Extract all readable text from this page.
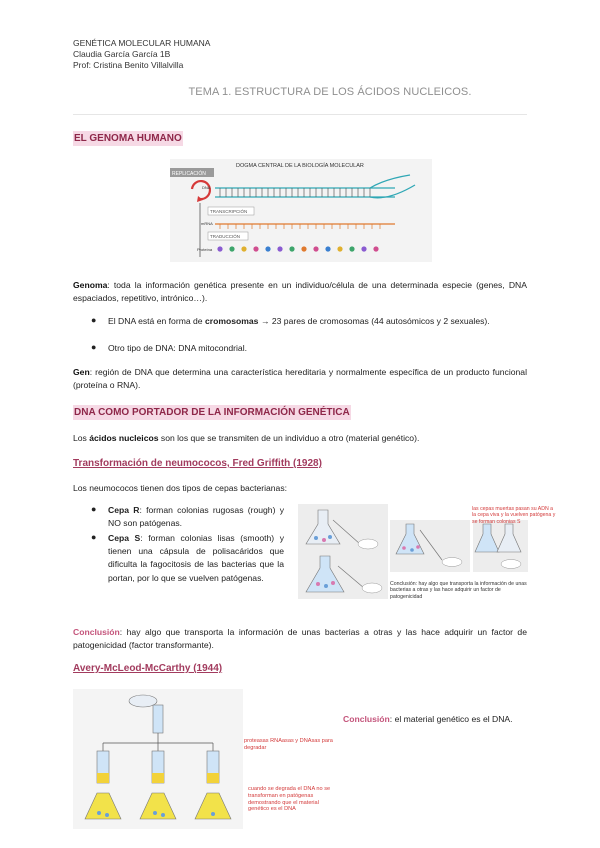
GENÉTICA MOLECULAR HUMANA
Claudia García García 1B
Prof: Cristina Benito Villalvilla
TEMA 1. ESTRUCTURA DE LOS ÁCIDOS NUCLEICOS.
EL GENOMA HUMANO
DOGMA CENTRAL DE LA BIOLOGÍA MOLECULAR
REPLICACIÓN
DNA
TRANSCRIPCIÓN
mRNA
TRADUCCIÓN
Proteína
Genoma: toda la información genética presente en un individuo/célula de una determinada especie (genes, DNA espaciados, repetitivo, intrónico…).
● El DNA está en forma de cromosomas → 23 pares de cromosomas (44 autosómicos y 2 sexuales).
● Otro tipo de DNA: DNA mitocondrial.
Gen: región de DNA que determina una característica hereditaria y normalmente específica de un producto funcional (proteína o RNA).
DNA COMO PORTADOR DE LA INFORMACIÓN GENÉTICA
Los ácidos nucleicos son los que se transmiten de un individuo a otro (material genético).
Transformación de neumococos, Fred Griffith (1928)
Los neumococos tienen dos tipos de cepas bacterianas:
● Cepa R: forman colonias rugosas (rough) y NO son patógenas.
● Cepa S: forman colonias lisas (smooth) y tienen una cápsula de polisacáridos que dificulta la fagocitosis de las bacterias que la portan, por lo que se vuelven patógenas.
las cepas muertas pasan su ADN a la cepa viva y la vuelven patógena y se forman colonias S
Conclusión: hay algo que transporta la información de unas bacterias a otras y las hace adquirir un factor de patogenicidad
Conclusión: hay algo que transporta la información de unas bacterias a otras y las hace adquirir un factor de patogenicidad (factor transformante).
Avery-McLeod-McCarthy (1944)
proteasas RNAasas y DNAsas para degradar
cuando se degrada el DNA no se transforman en patógenas demostrando que el material genético es el DNA
Conclusión: el material genético es el DNA.
